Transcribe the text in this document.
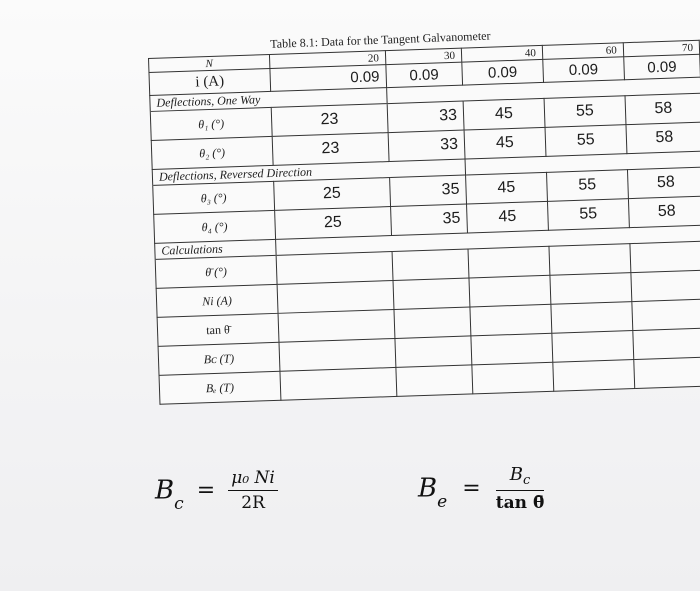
Table 8.1: Data for the Tangent Galvanometer
N	20	30	40	60	70
i (A)	0.09	0.09	0.09	0.09	0.09
Deflections, One Way					
θ₁ (°)	23	33	45	55	58
θ₂ (°)	23	33	45	55	58
Deflections, Reversed Direction					
θ₃ (°)	25	35	45	55	58
θ₄ (°)	25	35	45	55	58
Calculations					
θ̄ (°)					
Ni (A)					
tan θ̄					
Bᴄ (T)					
Bₑ (T)					
$Bc = \frac{\text{μ₀ Ni}}{2R}$	$Be = \frac{B_c}{\text{tan θ̄}}$
